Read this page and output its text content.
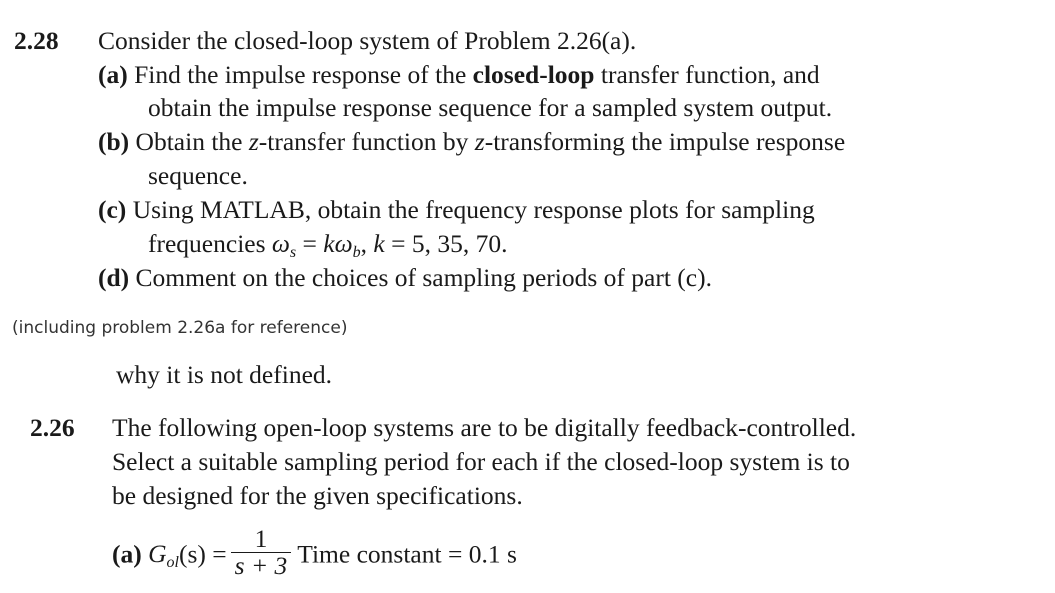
2.28 Consider the closed-loop system of Problem 2.26(a).
(a) Find the impulse response of the closed-loop transfer function, and
obtain the impulse response sequence for a sampled system output.
(b) Obtain the z-transfer function by z-transforming the impulse response
sequence.
(c) Using MATLAB, obtain the frequency response plots for sampling
frequencies $\omega_s = k\omega_b$, k = 5, 35, 70.
(d) Comment on the choices of sampling periods of part (c).
(including problem 2.26a for reference)
why it is not defined.
2.26 The following open-loop systems are to be digitally feedback-controlled.
Select a suitable sampling period for each if the closed-loop system is to
be designed for the given specifications.
(a) $G_{ol}(s) = \frac{1}{s + 3}$ Time constant = 0.1 s
